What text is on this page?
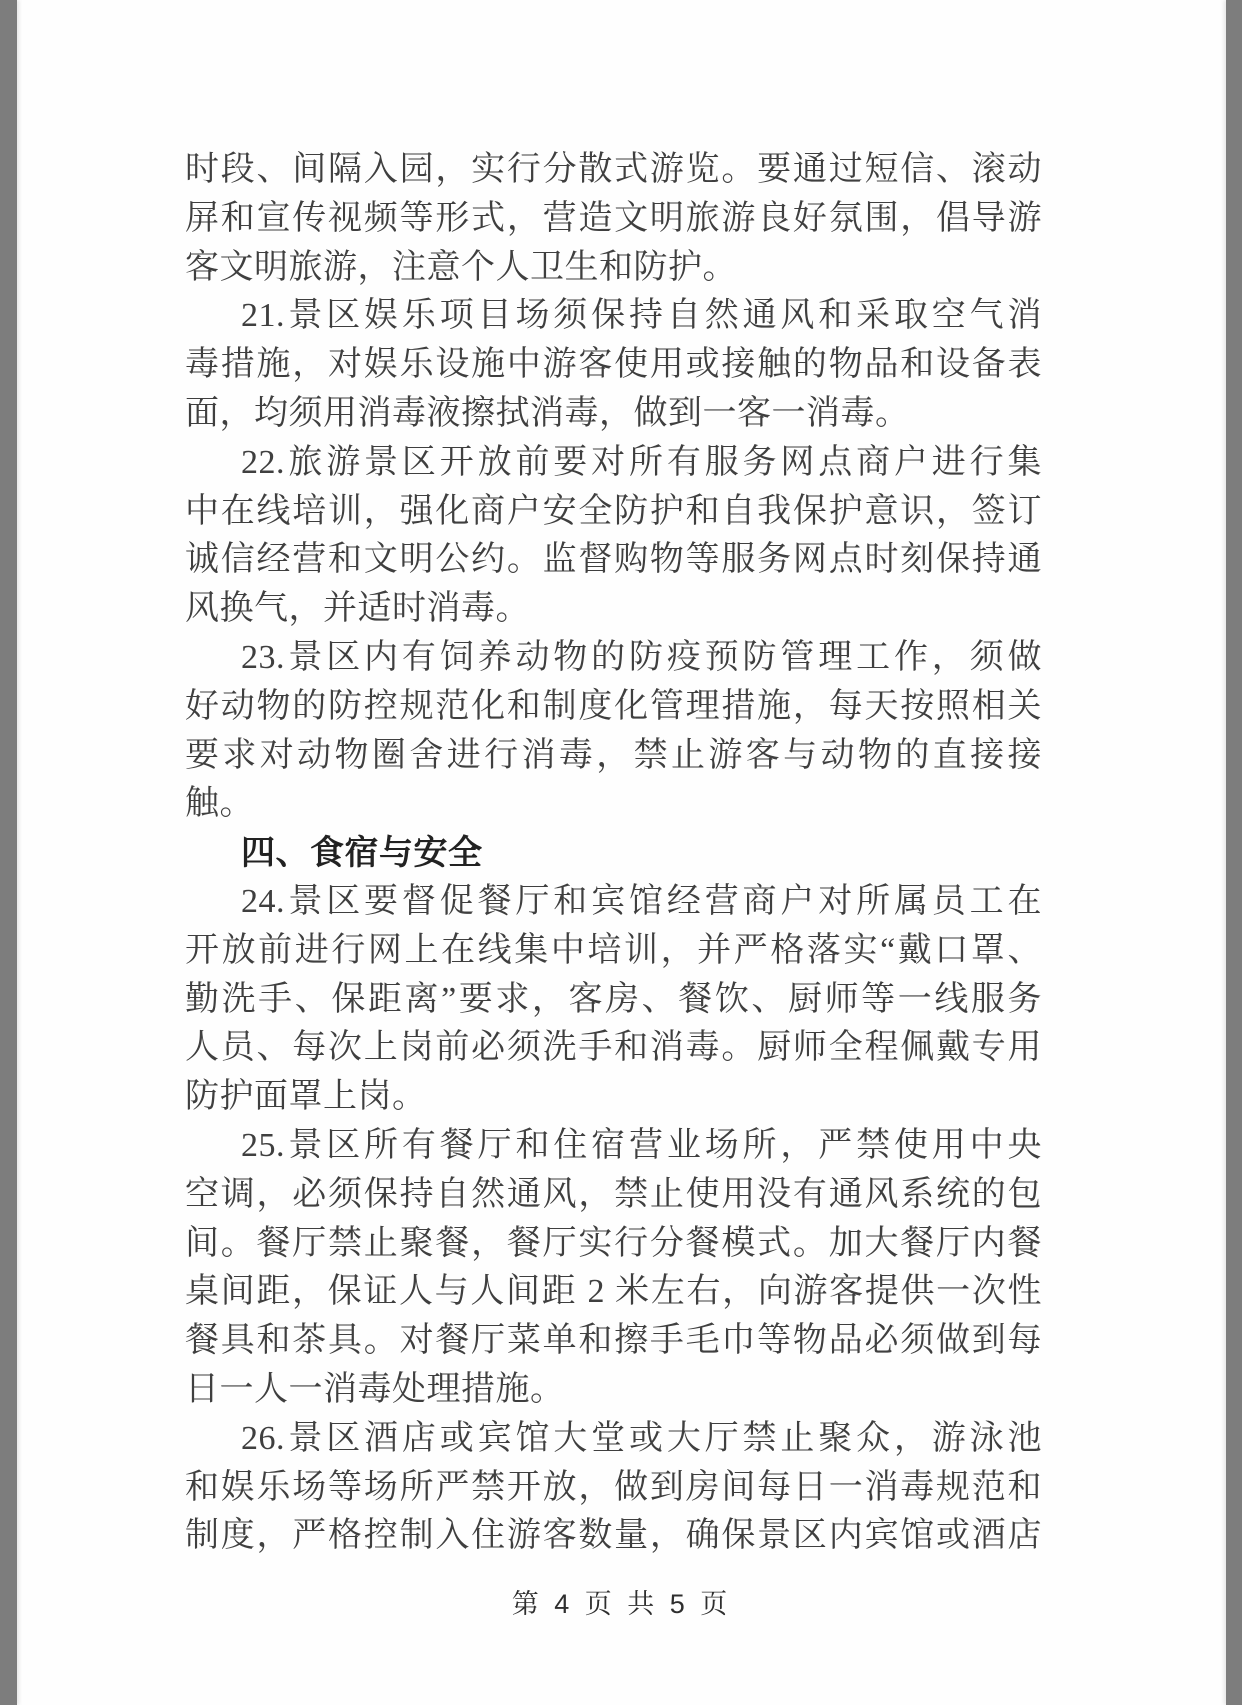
时段、间隔入园，实行分散式游览。要通过短信、滚动
屏和宣传视频等形式，营造文明旅游良好氛围，倡导游
客文明旅游，注意个人卫生和防护。
21.景区娱乐项目场须保持自然通风和采取空气消
毒措施，对娱乐设施中游客使用或接触的物品和设备表
面，均须用消毒液擦拭消毒，做到一客一消毒。
22.旅游景区开放前要对所有服务网点商户进行集
中在线培训，强化商户安全防护和自我保护意识，签订
诚信经营和文明公约。监督购物等服务网点时刻保持通
风换气，并适时消毒。
23.景区内有饲养动物的防疫预防管理工作，须做
好动物的防控规范化和制度化管理措施，每天按照相关
要求对动物圈舍进行消毒，禁止游客与动物的直接接
触。
四、食宿与安全
24.景区要督促餐厅和宾馆经营商户对所属员工在
开放前进行网上在线集中培训，并严格落实“戴口罩、
勤洗手、保距离”要求，客房、餐饮、厨师等一线服务
人员、每次上岗前必须洗手和消毒。厨师全程佩戴专用
防护面罩上岗。
25.景区所有餐厅和住宿营业场所，严禁使用中央
空调，必须保持自然通风，禁止使用没有通风系统的包
间。餐厅禁止聚餐，餐厅实行分餐模式。加大餐厅内餐
桌间距，保证人与人间距 2 米左右，向游客提供一次性
餐具和茶具。对餐厅菜单和擦手毛巾等物品必须做到每
日一人一消毒处理措施。
26.景区酒店或宾馆大堂或大厅禁止聚众，游泳池
和娱乐场等场所严禁开放，做到房间每日一消毒规范和
制度，严格控制入住游客数量，确保景区内宾馆或酒店
第 4 页 共 5 页
